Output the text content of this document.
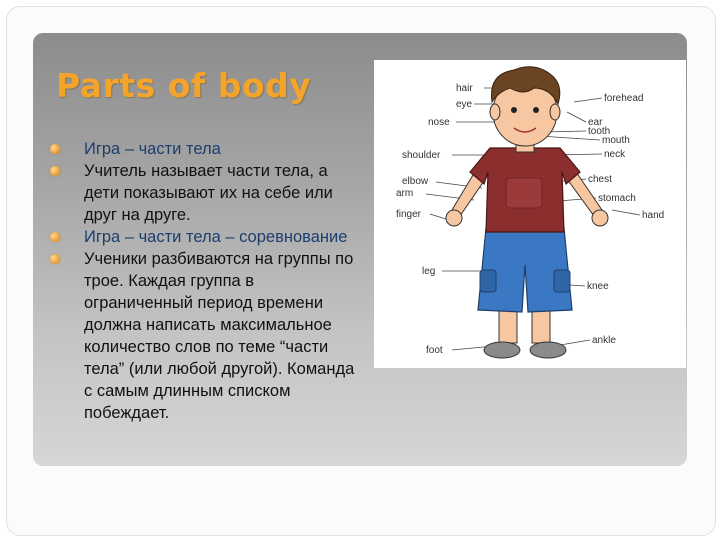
Parts of body
Игра – части тела
Учитель называет части тела, а дети показывают их на себе или друг на друге.
Игра – части тела – соревнование
Ученики разбиваются на группы по трое. Каждая группа в ограниченный период времени должна написать максимальное количество слов по теме “части тела” (или любой другой). Команда с самым длинным списком побеждает.
hair
eye
nose
shoulder
elbow
arm
finger
leg
foot
forehead
ear
tooth
mouth
neck
chest
stomach
hand
knee
ankle
